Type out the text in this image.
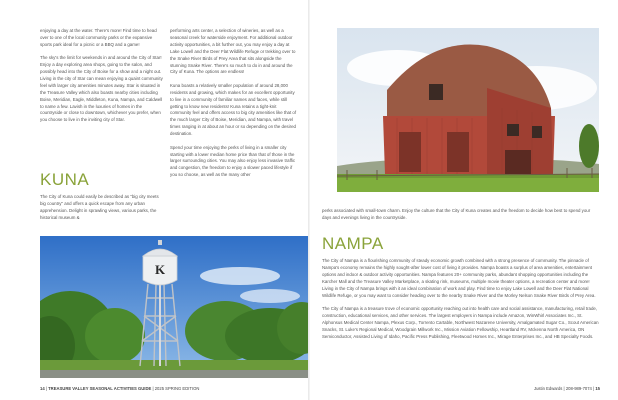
enjoying a day at the water. There's more! Find time to head over to one of the local community parks or the expansive sports park ideal for a picnic or a BBQ and a game!

The sky's the limit for weekends in and around the City of Star! Enjoy a day exploring area shops, going to the salon, and possibly head into the City of Boise for a show and a night out. Living in the city of Star can mean enjoying a quaint community feel with larger city amenities minutes away. Star is situated in the Treasure Valley which also boasts nearby cities including Boise, Meridian, Eagle, Middleton, Kuna, Nampa, and Caldwell to name a few. Lavish in the luxuries of homes in the countryside or close to downtown, whichever you prefer, when you choose to live in the inviting city of Star.

KUNA

The City of Kuna could easily be described as "big city meets big country" and offers a quick escape from any urban apprehension. Delight in sprawling views, various parks, the historical museum &

performing arts center, a selection of wineries, as well as a seasonal creek for waterside enjoyment. For additional outdoor activity opportunities, a bit further out, you may enjoy a day at Lake Lowell and the Deer Flat Wildlife Refuge or trekking over to the Snake River Birds of Prey Area that sits alongside the stunning Snake River. There's so much to do in and around the City of Kuna. The options are endless!

Kuna boasts a relatively smaller population of around 28,000 residents and growing, which makes for an excellent opportunity to live in a community of familiar names and faces, while still getting to know new residents! Kuna retains a tight-knit community feel and offers access to big city amenities like that of the much larger City of Boise, Meridian, and Nampa, with travel times ranging in at about an hour or so depending on the desired destination.

Spend your time enjoying the perks of living in a smaller city starting with a lower median home price than that of those in the larger surrounding cities. You may also enjoy less invasive traffic and congestion, the freedom to enjoy a slower paced lifestyle if you so choose, as well as the many other

K
14 | TREASURE VALLEY SEASONAL ACTIVITIES GUIDE | 2025 SPRING EDITION

perks associated with small-town charm. Enjoy the culture that the City of Kuna creates and the freedom to decide how best to spend your days and evenings living in the countryside.

NAMPA

The City of Nampa is a flourishing community of steady economic growth combined with a strong presence of community. The pinnacle of Nampa's economy remains the highly sought-after lower cost of living it provides. Nampa boasts a surplus of area amenities, entertainment options and indoor & outdoor activity opportunities. Nampa features 20+ community parks, abundant shopping opportunities including the Karcher Mall and the Treasure Valley Marketplace, a skating rink, museums, multiple movie theater options, a recreation center and more! Living in the City of Nampa brings with it an ideal combination of work and play. Find time to enjoy Lake Lowell and the Deer Flat National Wildlife Refuge, or you may want to consider heading over to the nearby Snake River and the Morley Nelson Snake River Birds of Prey Area.

The City of Nampa is a treasure trove of economic opportunity reaching out into health care and social assistance, manufacturing, retail trade, construction, educational services, and other services. The largest employers in Nampa include Amazon, WinWhirl Associates Inc., St. Alphonsus Medical Center Nampa, Plexus Corp., Torrento Cartable, Northwest Nazarene University, Amalgamated Sugar Co., Scout American Snacks, St. Luke's Regional Medical, Woodgrain Millwork Inc., Mission Aviation Fellowship, Heartland RV, Mckenna North America, ON Semiconductor, Assisted Living of Idaho, Pacific Press Publishing, Fleetwood Homes Inc., Mirage Enterprises Inc., and HB Specialty Foods.

Justin Edwards | 208-989-7074 | 15
